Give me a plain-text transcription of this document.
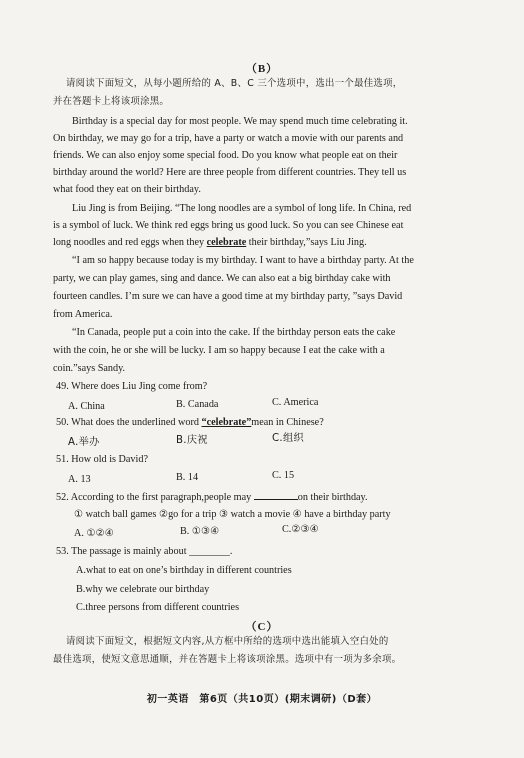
（B）
请阅读下面短文，从每小题所给的 A、B、C 三个选项中，选出一个最佳选项，
并在答题卡上将该项涂黑。
Birthday is a special day for most people. We may spend much time celebrating it.
On birthday, we may go for a trip, have a party or watch a movie with our parents and
friends. We can also enjoy some special food. Do you know what people eat on their
birthday around the world? Here are three people from different countries. They tell us
what food they eat on their birthday.
Liu Jing is from Beijing. “The long noodles are a symbol of long life. In China, red
is a symbol of luck. We think red eggs bring us good luck. So you can see Chinese eat
long noodles and red eggs when they celebrate their birthday,”says Liu Jing.
“I am so happy because today is my birthday. I want to have a birthday party. At the
party, we can play games, sing and dance. We can also eat a big birthday cake with
fourteen candles. I’m sure we can have a good time at my birthday party, ”says David
from America.
“In Canada, people put a coin into the cake. If the birthday person eats the cake
with the coin, he or she will be lucky. I am so happy because I eat the cake with a
coin.”says Sandy.
49. Where does Liu Jing come from?
A. China	B. Canada	C. America
50. What does the underlined word “celebrate”mean in Chinese?
A.举办	B.庆祝	C.组织
51. How old is David?
A. 13	B. 14	C. 15
52. According to the first paragraph,people may	on their birthday.
① watch ball games ②go for a trip ③ watch a movie ④ have a birthday party
A. ①②④	B. ①③④	C.②③④
53. The passage is mainly about ________.
A.what to eat on one’s birthday in different countries
B.why we celebrate our birthday
C.three persons from different countries
（C）
请阅读下面短文，根据短文内容,从方框中所给的选项中选出能填入空白处的
最佳选项，使短文意思通顺，并在答题卡上将该项涂黑。选项中有一项为多余项。
初一英语　第6页（共10页）(期末调研)（D套）
